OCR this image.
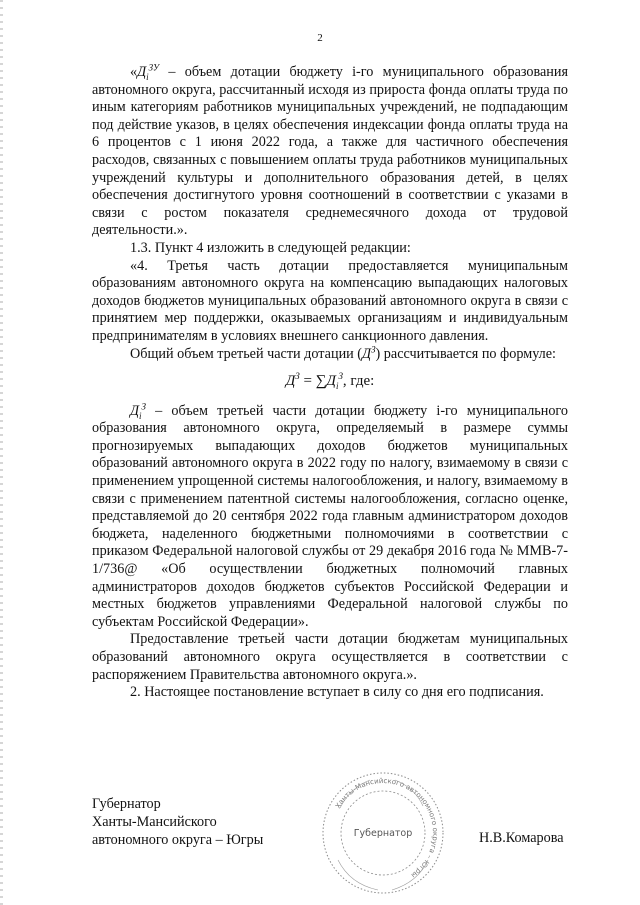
2

«$Д_i^{ЗУ}$ – объем дотации бюджету i-го муниципального образования автономного округа, рассчитанный исходя из прироста фонда оплаты труда по иным категориям работников муниципальных учреждений, не подпадающим под действие указов, в целях обеспечения индексации фонда оплаты труда на 6 процентов с 1 июня 2022 года, а также для частичного обеспечения расходов, связанных с повышением оплаты труда работников муниципальных учреждений культуры и дополнительного образования детей, в целях обеспечения достигнутого уровня соотношений в соответствии с указами в связи с ростом показателя среднемесячного дохода от трудовой деятельности.».

1.3. Пункт 4 изложить в следующей редакции:

«4. Третья часть дотации предоставляется муниципальным образованиям автономного округа на компенсацию выпадающих налоговых доходов бюджетов муниципальных образований автономного округа в связи с принятием мер поддержки, оказываемых организациям и индивидуальным предпринимателям в условиях внешнего санкционного давления.

Общий объем третьей части дотации $(Д^З)$ рассчитывается по формуле:

$Д^З = \sum Д_i^З$, где:

$Д_i^З$ – объем третьей части дотации бюджету i-го муниципального образования автономного округа, определяемый в размере суммы прогнозируемых выпадающих доходов бюджетов муниципальных образований автономного округа в 2022 году по налогу, взимаемому в связи с применением упрощенной системы налогообложения, и налогу, взимаемому в связи с применением патентной системы налогообложения, согласно оценке, представляемой до 20 сентября 2022 года главным администратором доходов бюджета, наделенного бюджетными полномочиями в соответствии с приказом Федеральной налоговой службы от 29 декабря 2016 года № ММВ-7-1/736@ «Об осуществлении бюджетных полномочий главных администраторов доходов бюджетов субъектов Российской Федерации и местных бюджетов управлениями Федеральной налоговой службы по субъектам Российской Федерации».

Предоставление третьей части дотации бюджетам муниципальных образований автономного округа осуществляется в соответствии с распоряжением Правительства автономного округа.».

2. Настоящее постановление вступает в силу со дня его подписания.

Губернатор
Ханты-Мансийского
автономного округа – Югры
Ханты-Мансийского автономного округа – Югры
Губернатор	Н.В.Комарова
